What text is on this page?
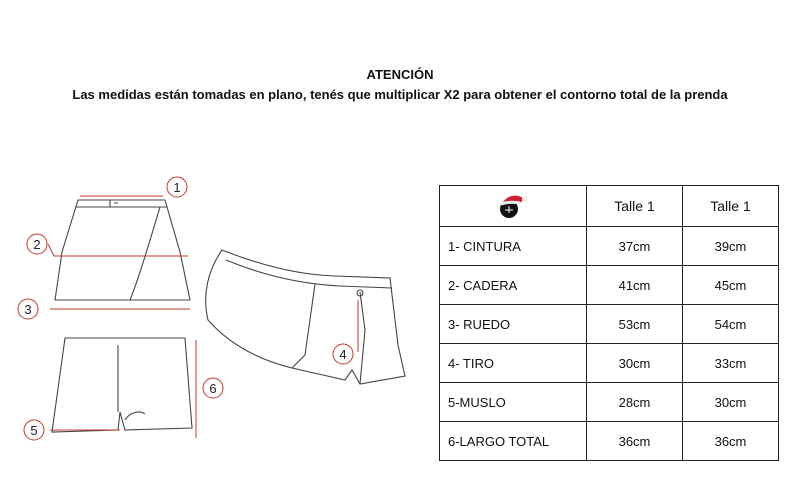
ATENCIÓN
Las medidas están tomadas en plano, tenés que multiplicar X2 para obtener el contorno total de la prenda
1
2
3
4
5
6
	Talle 1	Talle 1
1- CINTURA	37cm	39cm
2- CADERA	41cm	45cm
3- RUEDO	53cm	54cm
4- TIRO	30cm	33cm
5-MUSLO	28cm	30cm
6-LARGO TOTAL	36cm	36cm
